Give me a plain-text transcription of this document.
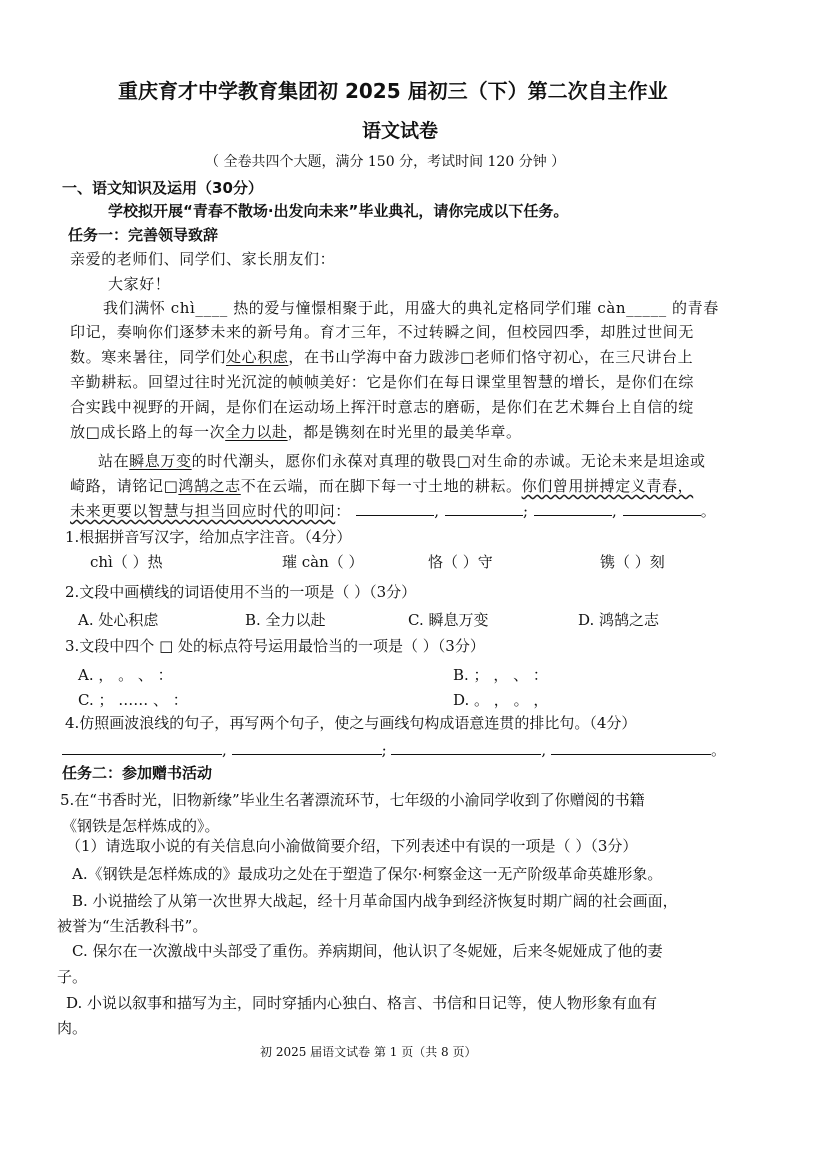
重庆育才中学教育集团初 2025 届初三（下）第二次自主作业
语文试卷
（ 全卷共四个大题，满分 150 分，考试时间 120 分钟 ）
一、语文知识及运用（30分）
学校拟开展“青春不散场·出发向未来”毕业典礼，请你完成以下任务。
任务一：完善领导致辞
亲爱的老师们、同学们、家长朋友们：
大家好！
我们满怀 chì____ 热的爱与憧憬相聚于此，用盛大的典礼定格同学们璀 càn_____ 的青春
印记，奏响你们逐梦未来的新号角。育才三年，不过转瞬之间，但校园四季，却胜过世间无
数。寒来暑往，同学们处心积虑，在书山学海中奋力跋涉□老师们恪守初心，在三尺讲台上
辛勤耕耘。回望过往时光沉淀的帧帧美好：它是你们在每日课堂里智慧的增长，是你们在综
合实践中视野的开阔，是你们在运动场上挥汗时意志的磨砺，是你们在艺术舞台上自信的绽
放□成长路上的每一次全力以赴，都是镌刻在时光里的最美华章。
站在瞬息万变的时代潮头，愿你们永葆对真理的敬畏□对生命的赤诚。无论未来是坦途或
崎路，请铭记□鸿鹄之志不在云端，而在脚下每一寸土地的耕耘。你们曾用拼搏定义青春，
未来更要以智慧与担当回应时代的叩问：	,	;	,	。
1.根据拼音写汉字，给加点字注音。（4分）
chì（ ）热	璀 càn（ ）	恪（ ）守	镌（ ）刻
2.文段中画横线的词语使用不当的一项是（ ）（3分）
A. 处心积虑	B. 全力以赴	C. 瞬息万变	D. 鸿鹄之志
3.文段中四个 □ 处的标点符号运用最恰当的一项是（ ）（3分）
A. ， 。 、 ：	B. ； ， 、 ：
C. ； …… 、 ：	D. 。 ， 。 ，
4.仿照画波浪线的句子，再写两个句子，使之与画线句构成语意连贯的排比句。（4分）
,	;	,	。
任务二：参加赠书活动
5.在“书香时光，旧物新缘”毕业生名著漂流环节，七年级的小渝同学收到了你赠阅的书籍
《钢铁是怎样炼成的》。
（1）请选取小说的有关信息向小渝做简要介绍，下列表述中有误的一项是（ ）（3分）
A.《钢铁是怎样炼成的》最成功之处在于塑造了保尔·柯察金这一无产阶级革命英雄形象。
B. 小说描绘了从第一次世界大战起，经十月革命国内战争到经济恢复时期广阔的社会画面，
被誉为“生活教科书”。
C. 保尔在一次激战中头部受了重伤。养病期间，他认识了冬妮娅，后来冬妮娅成了他的妻
子。
D. 小说以叙事和描写为主，同时穿插内心独白、格言、书信和日记等，使人物形象有血有
肉。
初 2025 届语文试卷 第 1 页（共 8 页）
